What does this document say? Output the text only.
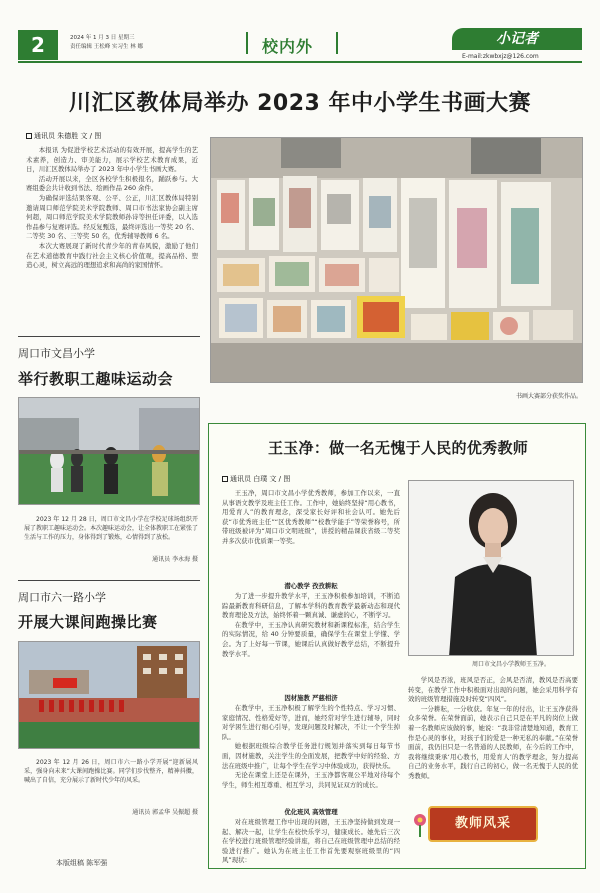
2	2024 年 1 月 3 日 星期三
责任编辑 王松峰 实习生 林 娜	校内外	小记者
E-mail:zkwbxjz@126.com
川汇区教体局举办 2023 年中小学生书画大赛
通讯员 朱德胜 文 / 图

本报讯 为促进学校艺术活动的有效开展，提高学生的艺术素养，创造力、审美能力，展示学校艺术教育成果，近日，川汇区教体局举办了 2023 年中小学生书画大赛。

活动开展以来，全区各校学生积极报名，踊跃参与。大赛组委会共计收到书法、绘画作品 260 余件。

为确保评选结果客观、公平、公正，川汇区教体局特别邀请周口师范学院美术学院教师、周口市书法家协会副主席何超，周口师范学院美术学院教师孙诗等担任评委，以入选作品参与复赛评选。经反复甄选，最终评选出一等奖 20 名、二等奖 30 名、三等奖 50 名，优秀辅导教师 6 名。

本次大赛展现了新时代青少年的青春风貌，激励了他们在艺术道德教育中践行社会主义核心价值观，提高品格、塑造心灵，树立高远的理想追求和高尚的家国情怀。

书画大赛部分获奖作品。
周口市文昌小学
举行教职工趣味运动会
2023 年 12 月 28 日，周口市文昌小学在学校足球场组织开展了教职工趣味运动会。本次趣味运动会，让全体教职工在紧张了生活与工作的压力，身体得到了锻炼，心情得到了放松。
通讯员 李永海 摄
周口市六一路小学
开展大课间跑操比赛
2023 年 12 月 26 日，周口市六一路小学开展“迎新展风采，强身向未来”大课间跑操比赛。同学们步伐整齐，精神抖擞，喊出了自信，充分展示了新时代少年的风采。
通讯员 郭孟华 吴振超 摄
本版组稿 陈军强
王玉净：做一名无愧于人民的优秀教师
通讯员 白璞 文 / 图

王玉净，周口市文昌小学优秀教师，参加工作以来，一直从事语文教学及班主任工作。工作中，她始终坚持“用心教书，用爱育人”的教育理念，深受家长好评和社会认可。她先后获“市优秀班主任”“区优秀教师”“校教学能手”等荣誉称号，所带班级被评为“周口市文明班级”，讲授的精品课获省级二等奖并多次获市优质课一等奖。

潜心教学 孜孜耕耘

为了进一步提升教学水平，王玉净积极参加培训，不断追踪最新教育科研信息，了解本学科的教育教学最新动态和现代教育理论及方法，始终怀着一颗真诚、谦虚的心，不断学习。

在教学中，王玉净认真研究教材和新课程标准，结合学生的实际情况，给 40 分钟要质量，确保学生在课堂上学懂、学会。为了上好每一节课，她课后认真做好教学总结，不断提升教学水平。

因材施教 严慈相济

在教学中，王玉净积极了解学生的个性特点、学习习惯、家庭情况、性格爱好等，进而，她经常对学生进行辅导，同时对学困生进行细心引导，发现问题及时解决，不让一个学生掉队。

她根据班级综合教学任务进行规划并落实到每日每节书面，因材施教，关注学生的全面发展，把教学中好的经验、方法在班级中推广，让每个学生在学习中体验成功，获得快乐。

无论在课堂上还是在课外，王玉净都客观公平地对待每个学生，师生相互尊重、相互学习，共同见证双方的成长。

优化班风 高效管理

对在班级管理工作中出现的问题，王玉净坚持做到发现一起、解决一起，让学生在校快乐学习，健康成长。她先后三次在学校进行班级管理经验讲座，将自己在班级管理中总结的经验进行推广。她认为在班主任工作首先要观察班级里的“四风”现状：

周口市文昌小学教师王玉净。

学风是否浓，班风是否正，会风是否清，教风是否高要转变，在教学工作中积极面对出现的问题，她会采用科学有效的班级管理措施及时转变“四风”。

一分耕耘，一分收获。年复一年的付出，让王玉净获得众多荣誉。在荣誉面前，她表示自己只是在平凡的岗位上做着一名教师应该做的事，她说：“我非常清楚地知道，教育工作是心灵的事业，对孩子们的爱是一种无私的奉献。”在荣誉面前，我仍旧只是一名普通的人民教师，在今后的工作中，我将继续秉承‘用心教书，用爱育人’的教学理念，努力提高自己的业务水平，践行自己的初心，做一名无愧于人民的优秀教师。

教师风采
